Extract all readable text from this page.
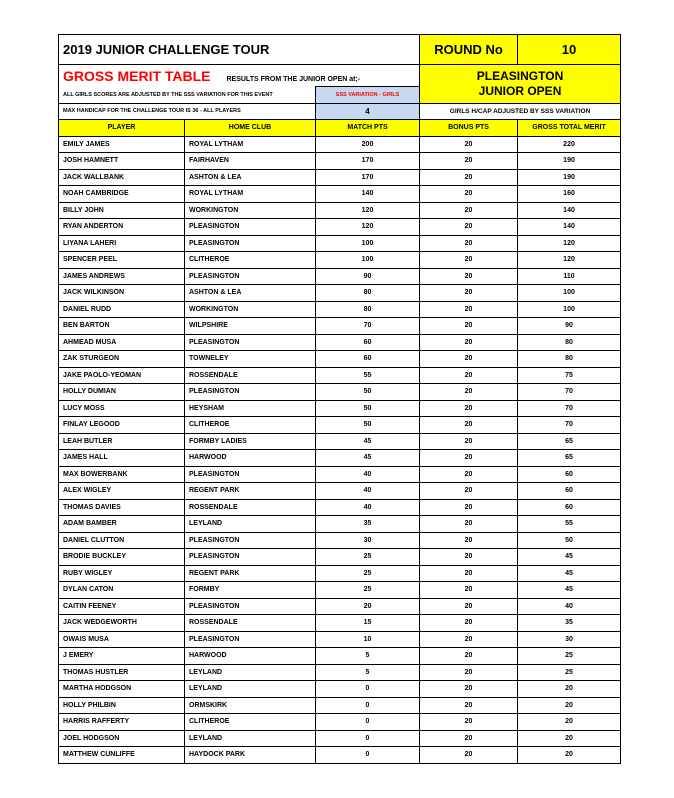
2019 JUNIOR CHALLENGE TOUR			ROUND No	10
GROSS MERIT TABLE RESULTS FROM THE JUNIOR OPEN at;-			PLEASINGTON
JUNIOR OPEN	

ALL GIRLS SCORES ARE ADJUSTED BY THE SSS VARIATION FOR THIS EVENT		SSS VARIATION - GIRLS		
MAX HANDICAP FOR THE CHALLENGE TOUR IS 36 - ALL PLAYERS		4	GIRLS H/CAP ADJUSTED BY SSS VARIATION	
PLAYER	HOME CLUB	MATCH PTS	BONUS PTS	GROSS TOTAL MERIT
EMILY JAMES	ROYAL LYTHAM	200	20	220
JOSH HAMNETT	FAIRHAVEN	170	20	190
JACK WALLBANK	ASHTON & LEA	170	20	190
NOAH CAMBRIDGE	ROYAL LYTHAM	140	20	160
BILLY JOHN	WORKINGTON	120	20	140
RYAN ANDERTON	PLEASINGTON	120	20	140
LIYANA LAHERI	PLEASINGTON	100	20	120
SPENCER PEEL	CLITHEROE	100	20	120
JAMES ANDREWS	PLEASINGTON	90	20	110
JACK WILKINSON	ASHTON & LEA	80	20	100
DANIEL RUDD	WORKINGTON	80	20	100
BEN BARTON	WILPSHIRE	70	20	90
AHMEAD MUSA	PLEASINGTON	60	20	80
ZAK STURGEON	TOWNELEY	60	20	80
JAKE PAOLO-YEOMAN	ROSSENDALE	55	20	75
HOLLY DUMIAN	PLEASINGTON	50	20	70
LUCY MOSS	HEYSHAM	50	20	70
FINLAY LEGOOD	CLITHEROE	50	20	70
LEAH BUTLER	FORMBY LADIES	45	20	65
JAMES HALL	HARWOOD	45	20	65
MAX BOWERBANK	PLEASINGTON	40	20	60
ALEX WIGLEY	REGENT PARK	40	20	60
THOMAS DAVIES	ROSSENDALE	40	20	60
ADAM BAMBER	LEYLAND	35	20	55
DANIEL CLUTTON	PLEASINGTON	30	20	50
BRODIE BUCKLEY	PLEASINGTON	25	20	45
RUBY WIGLEY	REGENT PARK	25	20	45
DYLAN CATON	FORMBY	25	20	45
CAITIN FEENEY	PLEASINGTON	20	20	40
JACK WEDGEWORTH	ROSSENDALE	15	20	35
OWAIS MUSA	PLEASINGTON	10	20	30
J EMERY	HARWOOD	5	20	25
THOMAS HUSTLER	LEYLAND	5	20	25
MARTHA HODGSON	LEYLAND	0	20	20
HOLLY PHILBIN	ORMSKIRK	0	20	20
HARRIS RAFFERTY	CLITHEROE	0	20	20
JOEL HODGSON	LEYLAND	0	20	20
MATTHEW CUNLIFFE	HAYDOCK PARK	0	20	20
